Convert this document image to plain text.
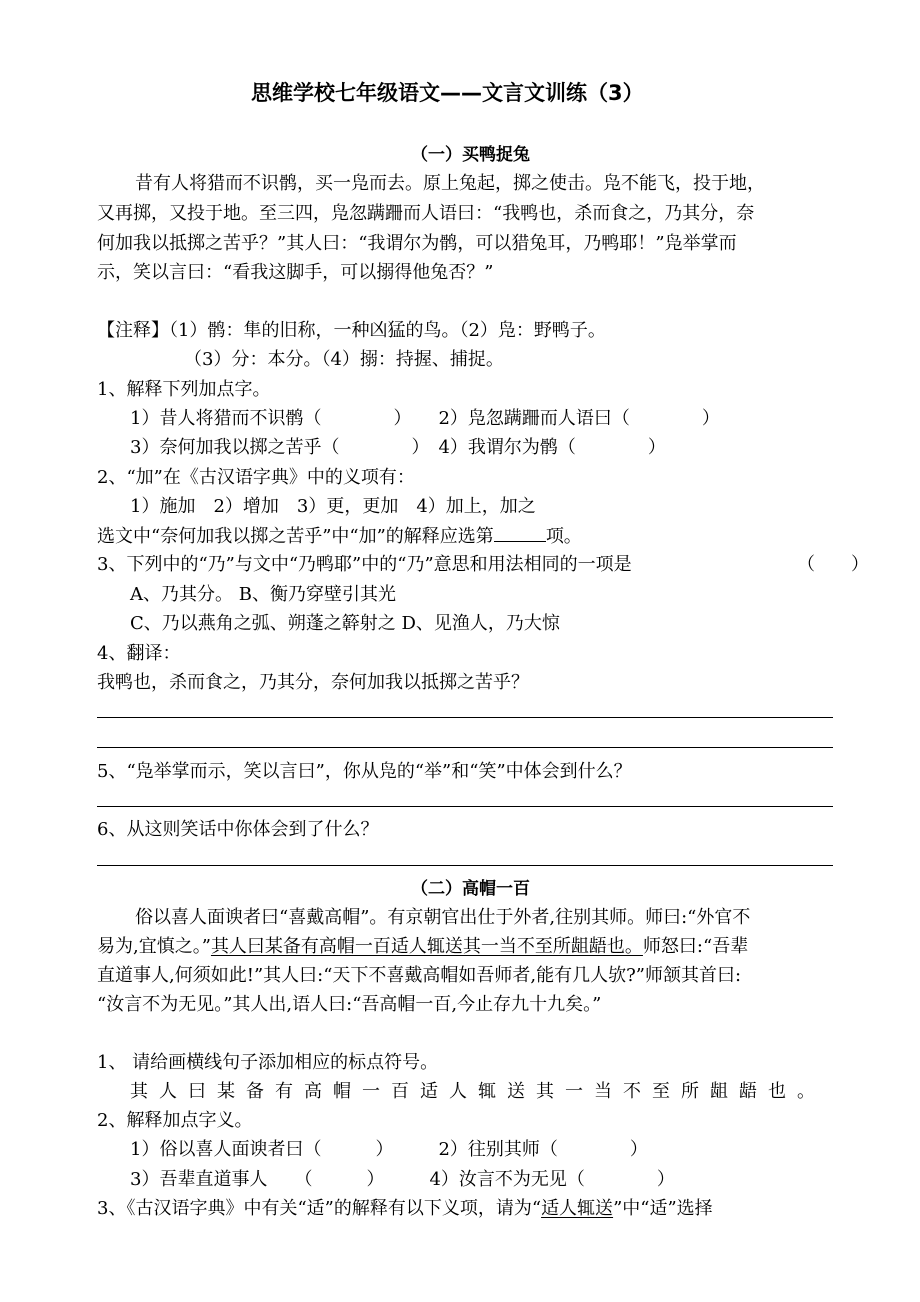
思维学校七年级语文——文言文训练（3）
（一）买鸭捉兔
昔有人将猎而不识鹘，买一凫而去。原上兔起，掷之使击。凫不能飞，投于地，
又再掷，又投于地。至三四，凫忽蹒跚而人语曰：“我鸭也，杀而食之，乃其分，奈
何加我以抵掷之苦乎？”其人曰：“我谓尔为鹘，可以猎兔耳，乃鸭耶！”凫举掌而
示，笑以言曰：“看我这脚手，可以搦得他兔否？”
【注释】（1）鹘：隼的旧称，一种凶猛的鸟。（2）凫：野鸭子。
（3）分：本分。（4）搦：持握、捕捉。
1、解释下列加点字。
1）昔人将猎而不识鹘（　　　　）　　2）凫忽蹒跚而人语曰（　　　　）
3）奈何加我以掷之苦乎（　　　　）　4）我谓尔为鹘（　　　　）
2、“加”在《古汉语字典》中的义项有：
1）施加　2）增加　3）更，更加　4）加上，加之
选文中“奈何加我以掷之苦乎”中“加”的解释应选第	项。
3、下列中的“乃”与文中“乃鸭耶”中的“乃”意思和用法相同的一项是	（　　）
A、乃其分。 B、衡乃穿壁引其光
C、乃以燕角之弧、朔蓬之簳射之 D、见渔人，乃大惊
4、翻译：
我鸭也，杀而食之，乃其分，奈何加我以抵掷之苦乎？
5、“凫举掌而示，笑以言曰”，你从凫的“举”和“笑”中体会到什么？
6、从这则笑话中你体会到了什么？
（二）高帽一百
俗以喜人面谀者曰“喜戴高帽”。有京朝官出仕于外者,往别其师。师曰:“外官不
易为,宜慎之。”其人曰某备有高帽一百适人辄送其一当不至所龃龉也。师怒曰:“吾辈
直道事人,何须如此!”其人曰:“天下不喜戴高帽如吾师者,能有几人欤?”师颔其首曰:
“汝言不为无见。”其人出,语人曰:“吾高帽一百,今止存九十九矣。”
1、 请给画横线句子添加相应的标点符号。
其人曰某备有高帽一百适人辄送其一当不至所龃龉也。
2、解释加点字义。
1）俗以喜人面谀者曰（　　　）　　　2）往别其师（　　　　）
3）吾辈直道事人　　（　　　）　　　4）汝言不为无见（　　　　）
3、《古汉语字典》中有关“适”的解释有以下义项，请为“适人辄送”中“适”选择
